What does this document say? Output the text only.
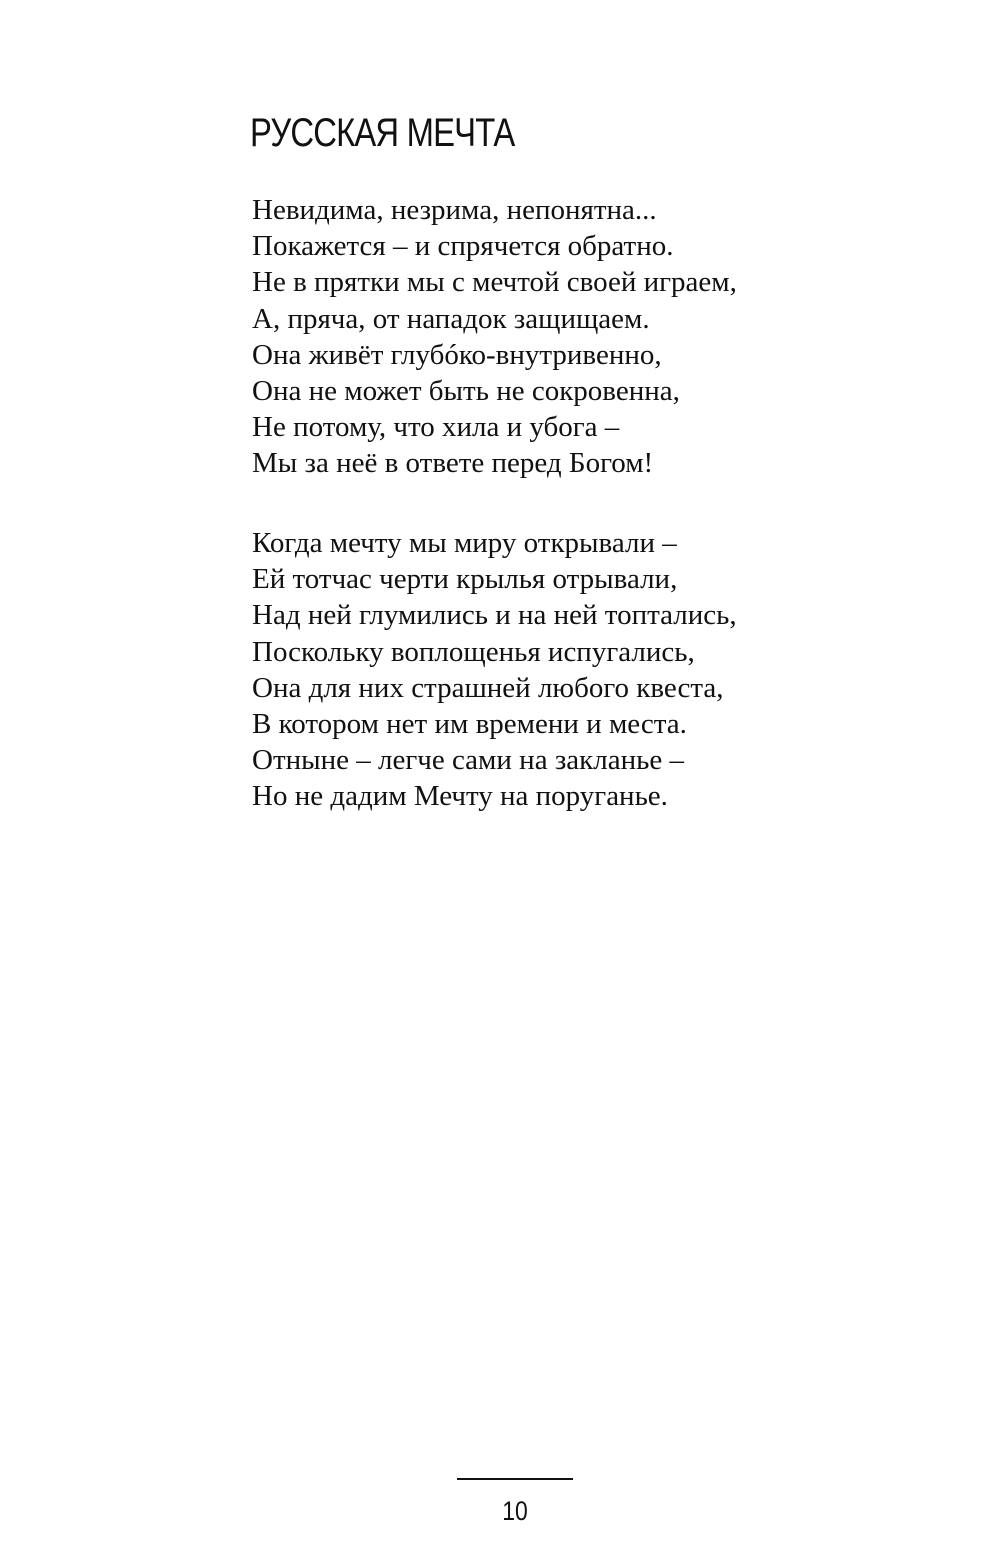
РУССКАЯ МЕЧТА
Невидима, незрима, непонятна...
Покажется – и спрячется обратно.
Не в прятки мы с мечтой своей играем,
А, пряча, от нападок защищаем.
Она живёт глубóко-внутривенно,
Она не может быть не сокровенна,
Не потому, что хила и убога –
Мы за неё в ответе перед Богом!
Когда мечту мы миру открывали –
Ей тотчас черти крылья отрывали,
Над ней глумились и на ней топтались,
Поскольку воплощенья испугались,
Она для них страшней любого квеста,
В котором нет им времени и места.
Отныне – легче сами на закланье –
Но не дадим Мечту на поруганье.
10
